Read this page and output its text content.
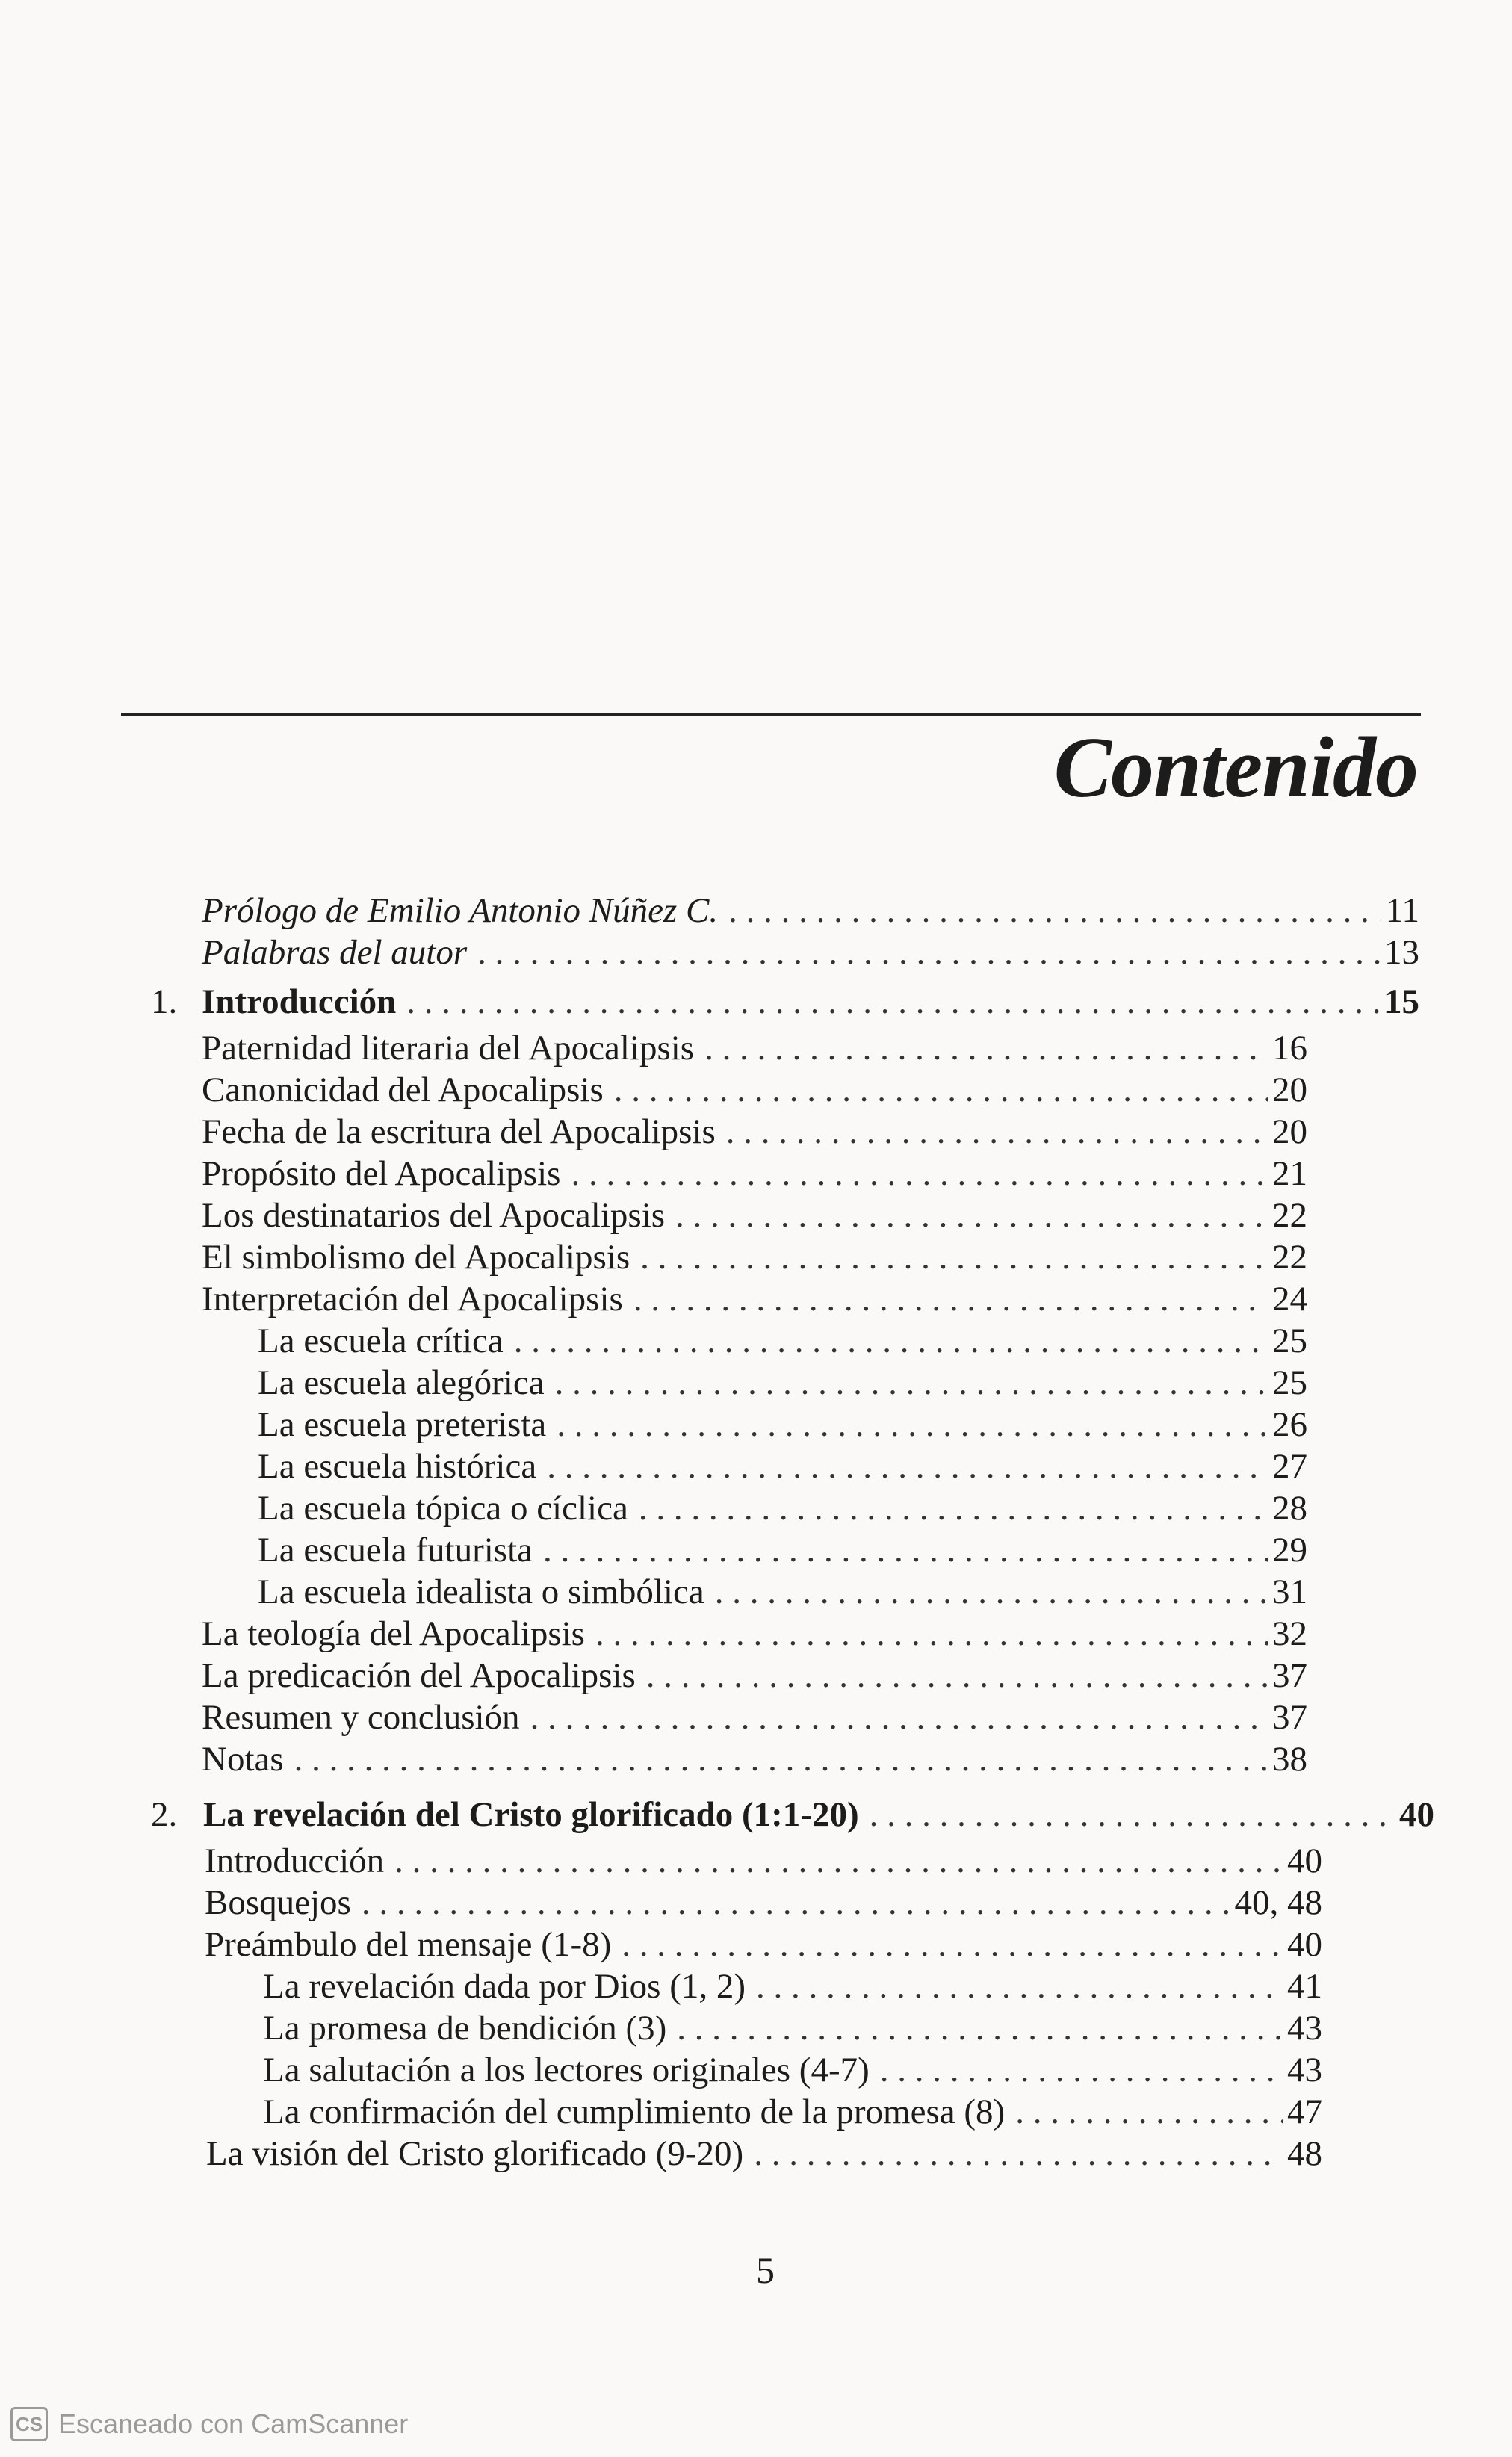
Contenido
Prólogo de Emilio Antonio Núñez C. . . .	11
Palabras del autor . . .	13
1. Introducción . . .	15
Paternidad literaria del Apocalipsis . . .	16
Canonicidad del Apocalipsis . . .	20
Fecha de la escritura del Apocalipsis . . .	20
Propósito del Apocalipsis . . .	21
Los destinatarios del Apocalipsis . . .	22
El simbolismo del Apocalipsis . . .	22
Interpretación del Apocalipsis . . .	24
La escuela crítica . . .	25
La escuela alegórica . . .	25
La escuela preterista . . .	26
La escuela histórica . . .	27
La escuela tópica o cíclica . . .	28
La escuela futurista . . .	29
La escuela idealista o simbólica . . .	31
La teología del Apocalipsis . . .	32
La predicación del Apocalipsis . . .	37
Resumen y conclusión . . .	37
Notas . . .	38
2. La revelación del Cristo glorificado (1:1-20) . . .	40
Introducción . . .	40
Bosquejos . . .	40, 48
Preámbulo del mensaje (1-8) . . .	40
La revelación dada por Dios (1, 2) . . .	41
La promesa de bendición (3) . . .	43
La salutación a los lectores originales (4-7) . . .	43
La confirmación del cumplimiento de la promesa (8) . . .	47
La visión del Cristo glorificado (9-20) . . .	48
5
CS Escaneado con CamScanner
